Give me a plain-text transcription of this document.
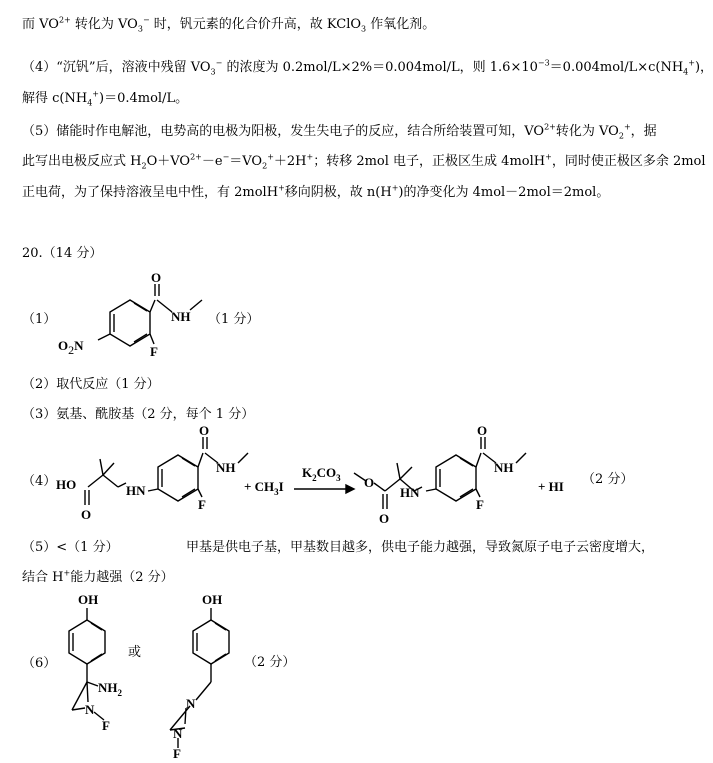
而 $VO^{2+}$ 转化为 $VO_3^-$ 时，钒元素的化合价升高，故 KClO$_3$ 作氧化剂。
（4）“沉钒”后，溶液中残留 $VO_3^-$ 的浓度为 0.2mol/L×2%＝0.004mol/L，则 $1.6\times 10^{-3}=0.004mol/L\times c(NH_4^+)$，
解得 $c(NH_4^+)=0.4mol/L$。
（5）储能时作电解池，电势高的电极为阳极，发生失电子的反应，结合所给装置可知，$VO^{2+}$转化为 $VO_2^+$，据
此写出电极反应式 $H_2O+VO^{2+}-e^-=VO_2^++2H^+$；转移 2mol 电子，正极区生成 4molH+，同时使正极区多余 2mol
正电荷，为了保持溶液呈电中性，有 2molH+移向阴极，故 n(H+)的净变化为 4mol－2mol＝2mol。
20.（14 分）
（1）
O
NH
F
O2N
（1 分）
（2）取代反应（1 分）
（3）氨基、酰胺基（2 分，每个 1 分）
（4） HO
O
HN
O
NH
F
+ $CH_3I$
$K_2CO_3$ O
O
HN
O
NH
F
+ HI （2 分）
（5）<（1 分）	甲基是供电子基，甲基数目越多，供电子能力越强，导致氮原子电子云密度增大，
结合 H+能力越强（2 分）
（6）
OH
$NH_2$
N
F
或
OH
N
N
F
（2 分）
